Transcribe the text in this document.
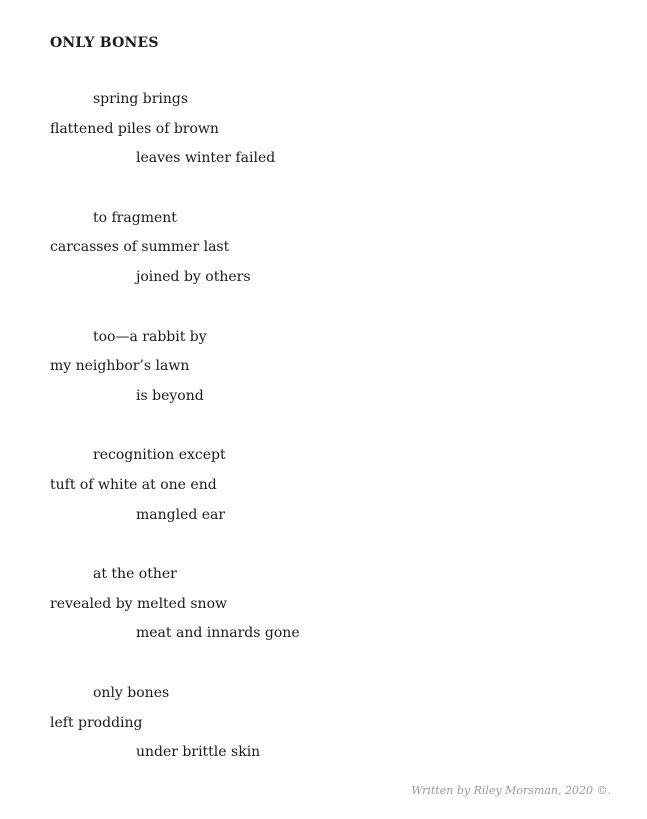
ONLY BONES
spring brings
flattened piles of brown
leaves winter failed
to fragment
carcasses of summer last
joined by others
too—a rabbit by
my neighbor’s lawn
is beyond
recognition except
tuft of white at one end
mangled ear
at the other
revealed by melted snow
meat and innards gone
only bones
left prodding
under brittle skin
Written by Riley Morsman, 2020 ©.
